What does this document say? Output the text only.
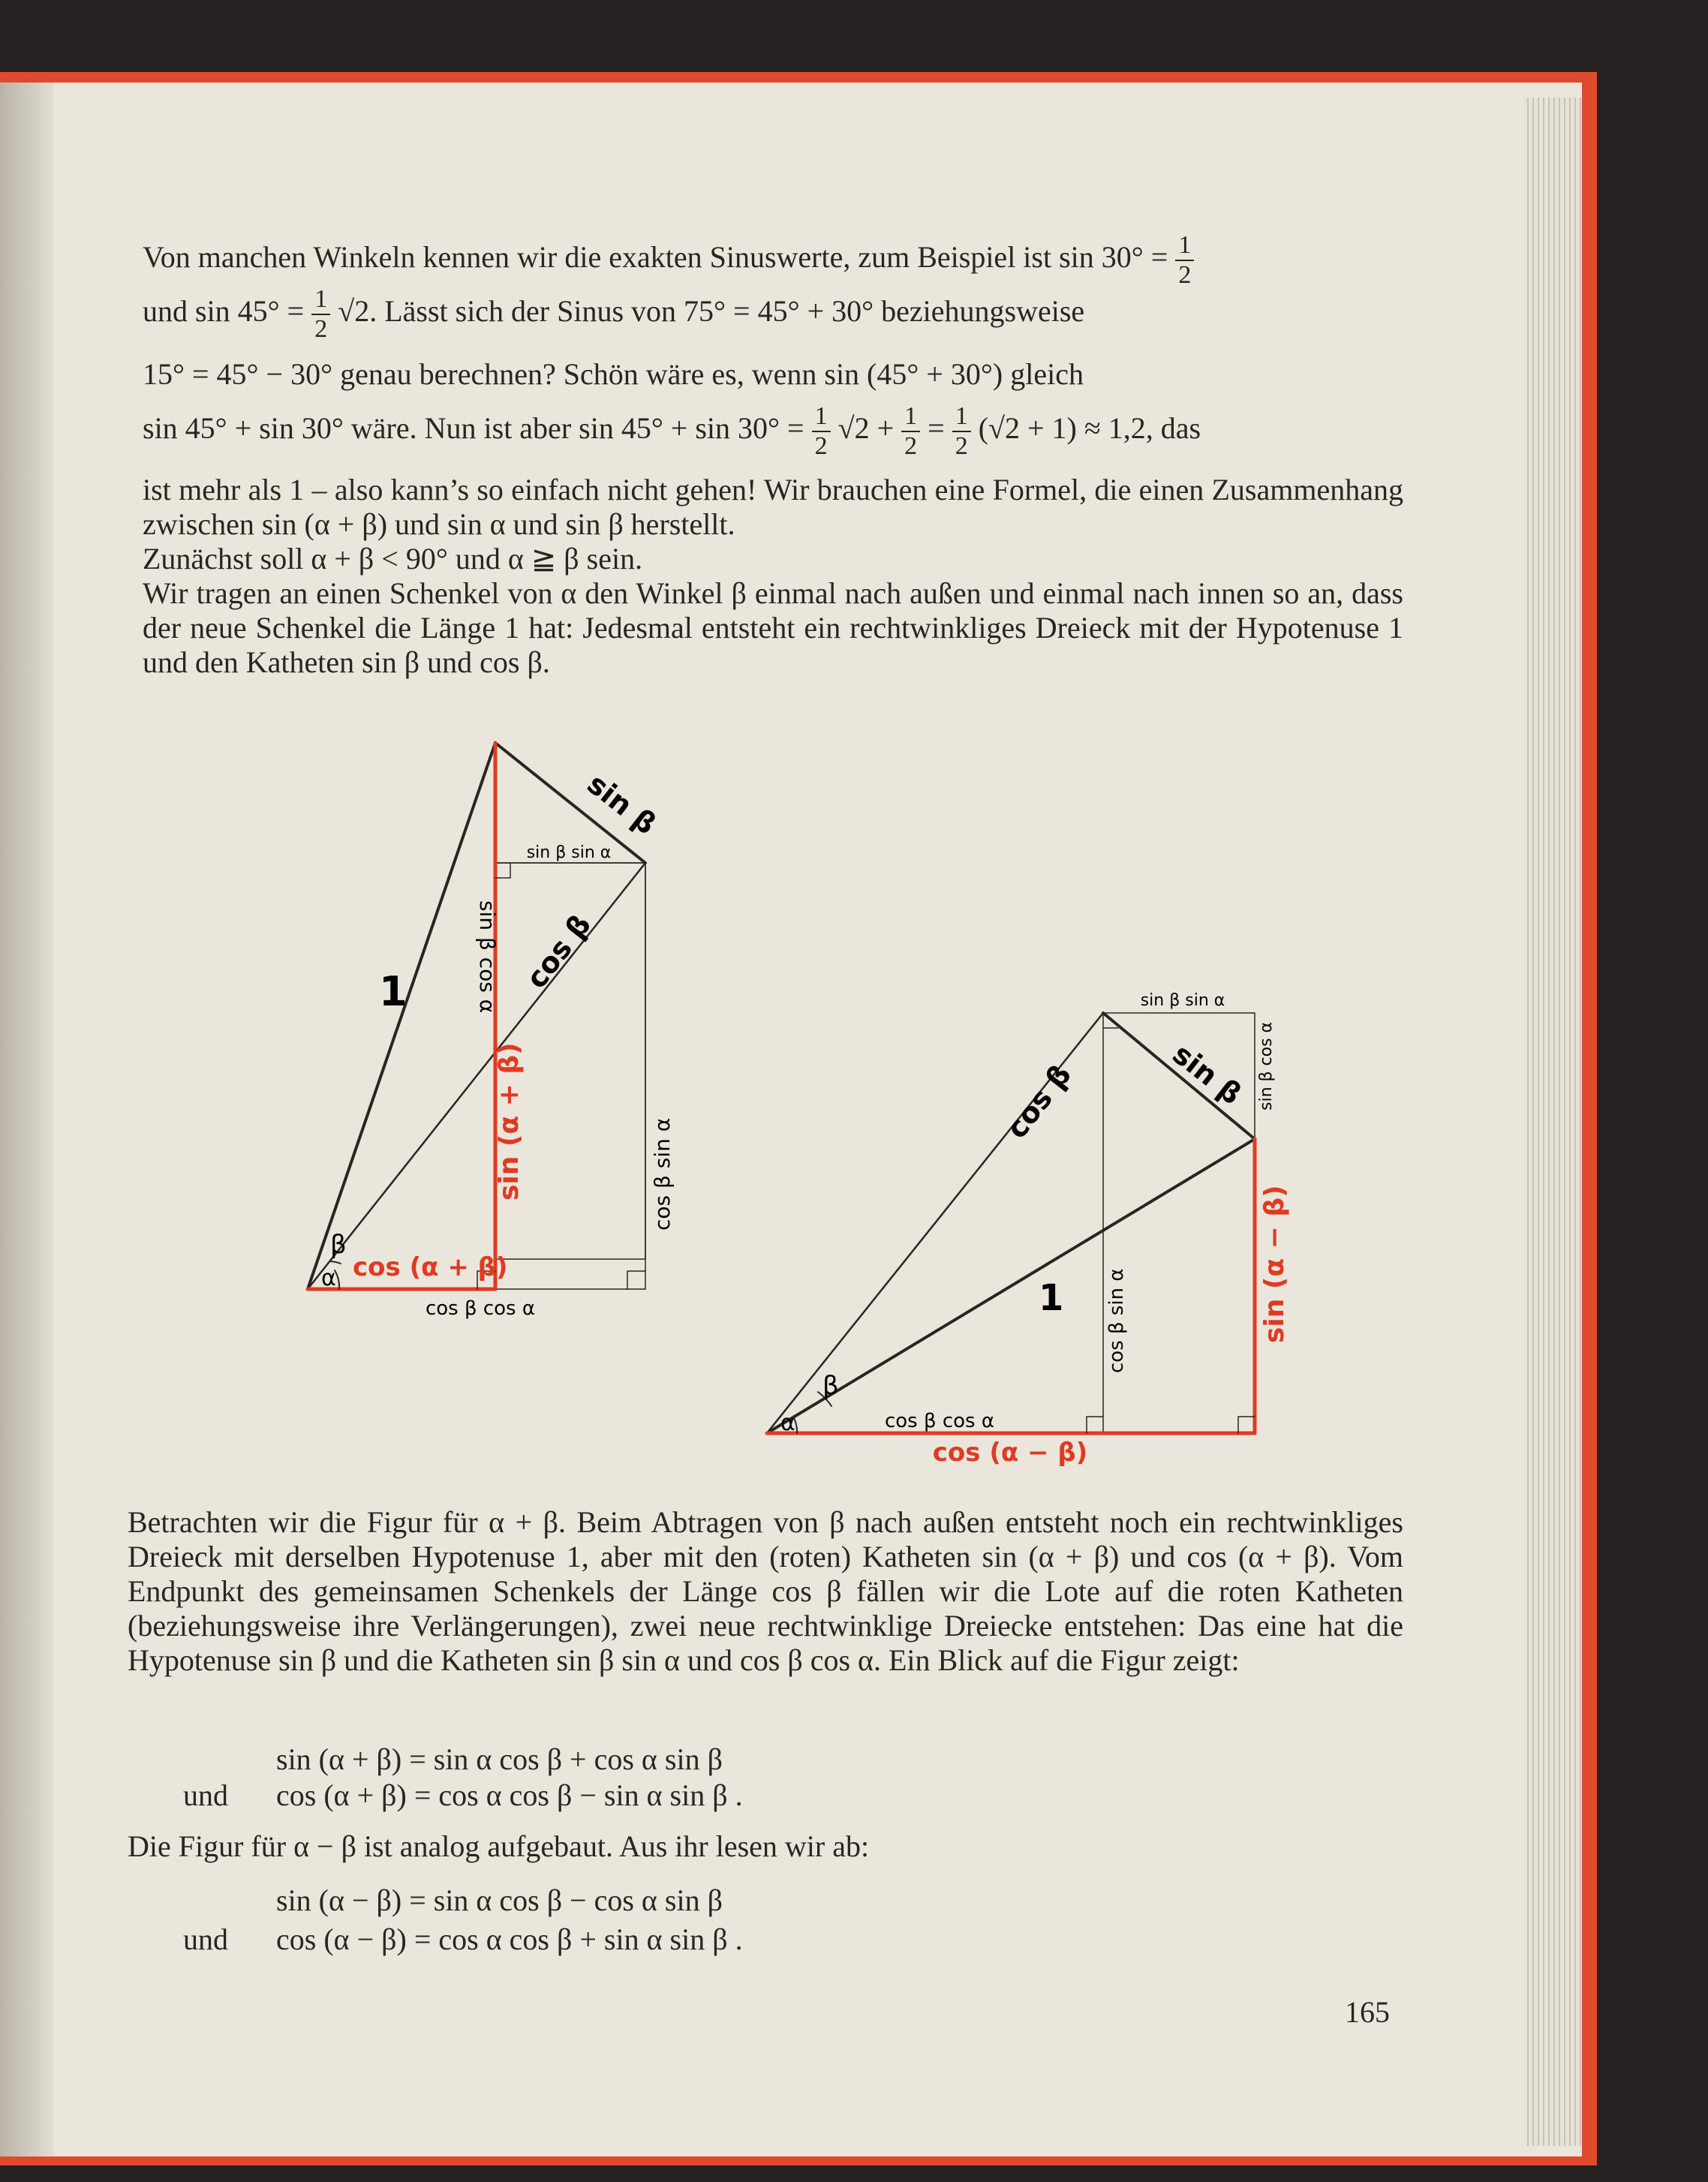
Von manchen Winkeln kennen wir die exakten Sinuswerte, zum Beispiel ist $\sin 30^\circ = \frac{1}{2}$
und $\sin 45^\circ = \frac{1}{2} √2$. Lässt sich der Sinus von 75° = 45° + 30° beziehungsweise
15° = 45° − 30° genau berechnen? Schön wäre es, wenn sin (45° + 30°) gleich
sin 45° + sin 30° wäre. Nun ist aber $\sin 45^\circ + \sin 30^\circ = \frac{1}{2} √2 + \frac{1}{2} = \frac{1}{2} (√2 + 1) \approx 1,2$, das
ist mehr als 1 – also kann’s so einfach nicht gehen! Wir brauchen eine Formel, die einen Zusammenhang zwischen sin (α + β) und sin α und sin β herstellt.
Zunächst soll α + β < 90° und α ≧ β sein.
Wir tragen an einen Schenkel von α den Winkel β einmal nach außen und einmal nach innen so an, dass der neue Schenkel die Länge 1 hat: Jedesmal entsteht ein rechtwinkliges Dreieck mit der Hypotenuse 1 und den Katheten sin β und cos β.
sin β cos α
sin β sin α
sin β
cos β
1
sin (α + β)	cos β sin α
β
α cos (α + β)
cos β cos α
sin β sin α
sin β sin β cos α
cos β
1 cos β sin α	sin (α − β)
β
α	cos β cos α
cos (α − β)
Betrachten wir die Figur für α + β. Beim Abtragen von β nach außen entsteht noch ein rechtwinkliges Dreieck mit derselben Hypotenuse 1, aber mit den (roten) Katheten sin (α + β) und cos (α + β). Vom Endpunkt des gemeinsamen Schenkels der Länge cos β fällen wir die Lote auf die roten Katheten (beziehungsweise ihre Verlängerungen), zwei neue rechtwinklige Dreiecke entstehen: Das eine hat die Hypotenuse sin β und die Katheten sin β sin α und cos β cos α. Ein Blick auf die Figur zeigt:
sin (α + β) = sin α cos β + cos α sin β
und cos (α + β) = cos α cos β − sin α sin β .
Die Figur für α − β ist analog aufgebaut. Aus ihr lesen wir ab:
sin (α − β) = sin α cos β − cos α sin β
und cos (α − β) = cos α cos β + sin α sin β .
165
